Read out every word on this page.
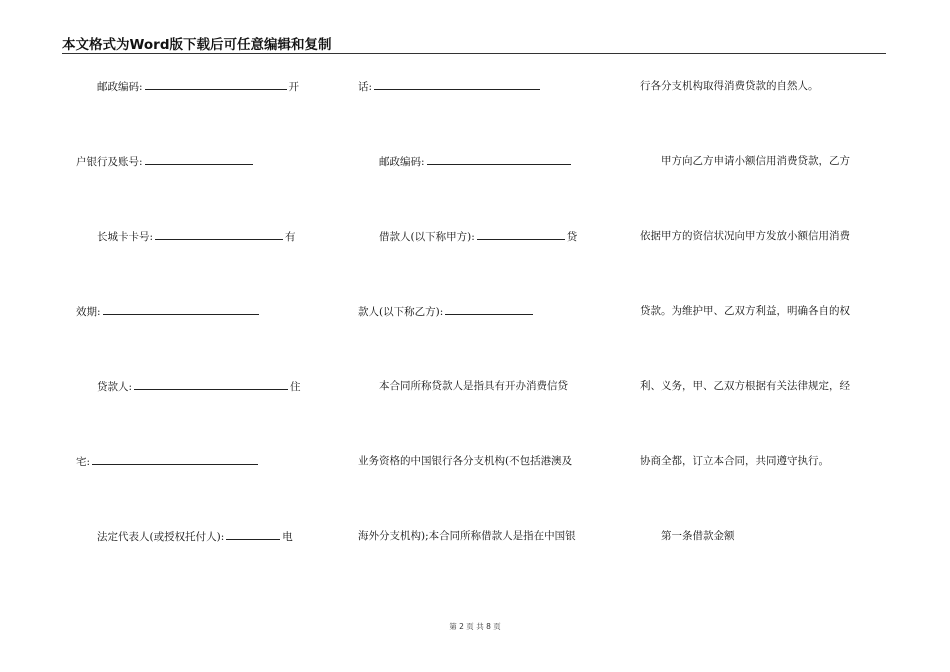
本文格式为Word版下载后可任意编辑和复制
邮政编码:	开
户银行及账号:
长城卡卡号:	有
效期:
贷款人:	住
宅:
法定代表人(或授权托付人):	电
话:
邮政编码:
借款人(以下称甲方):	贷
款人(以下称乙方):
本合同所称贷款人是指具有开办消费信贷
业务资格的中国银行各分支机构(不包括港澳及
海外分支机构);本合同所称借款人是指在中国银
行各分支机构取得消费贷款的自然人。
甲方向乙方申请小额信用消费贷款，乙方
依据甲方的资信状况向甲方发放小额信用消费
贷款。为维护甲、乙双方利益，明确各自的权
利、义务，甲、乙双方根据有关法律规定，经
协商全都，订立本合同，共同遵守执行。
第一条借款金额
第 2 页 共 8 页
